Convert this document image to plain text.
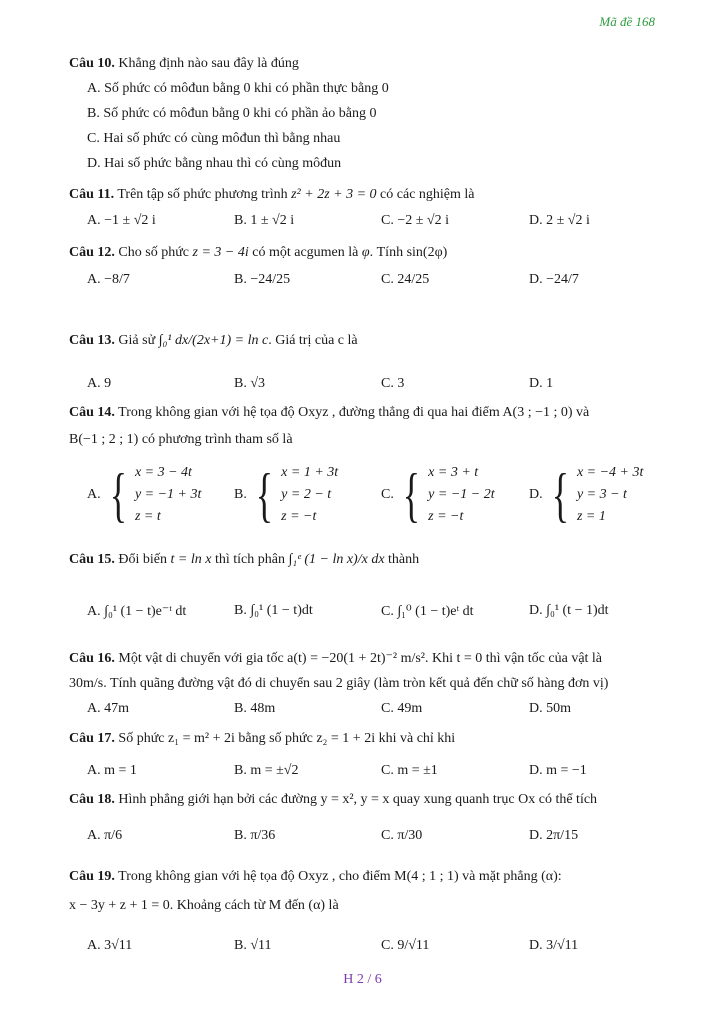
Mã đề 168
Câu 10. Khẳng định nào sau đây là đúng
A. Số phức có môđun bằng 0 khi có phần thực bằng 0
B. Số phức có môđun bằng 0 khi có phần ảo bằng 0
C. Hai số phức có cùng môđun thì bằng nhau
D. Hai số phức bằng nhau thì có cùng môđun
Câu 11. Trên tập số phức phương trình z² + 2z + 3 = 0 có các nghiệm là
A. −1 ± √2 i	B. 1 ± √2 i	C. −2 ± √2 i	D. 2 ± √2 i
Câu 12. Cho số phức z = 3 − 4i có một acgumen là φ. Tính sin(2φ)
A. −8/7	B. −24/25	C. 24/25	D. −24/7
Câu 13. Giả sử ∫₀¹ dx/(2x+1) = ln c. Giá trị của c là
A. 9	B. √3	C. 3	D. 1
Câu 14. Trong không gian với hệ tọa độ Oxyz , đường thẳng đi qua hai điểm A(3 ; −1 ; 0) và
B(−1 ; 2 ; 1) có phương trình tham số là
A. { x = 3 − 4t
y = −1 + 3t
z = t
B. { x = 1 + 3t
y = 2 − t
z = −t
C. { x = 3 + t
y = −1 − 2t
z = −t
D. { x = −4 + 3t
y = 3 − t
z = 1
Câu 15. Đổi biến t = ln x thì tích phân ∫₁ᵉ (1 − ln x)/x dx thành
A. ∫₀¹ (1 − t)e⁻ᵗ dt	B. ∫₀¹ (1 − t)dt	C. ∫₁⁰ (1 − t)eᵗ dt	D. ∫₀¹ (t − 1)dt
Câu 16. Một vật di chuyển với gia tốc a(t) = −20(1 + 2t)⁻² m/s². Khi t = 0 thì vận tốc của vật là
30m/s. Tính quãng đường vật đó di chuyển sau 2 giây (làm tròn kết quả đến chữ số hàng đơn vị)
A. 47m	B. 48m	C. 49m	D. 50m
Câu 17. Số phức z₁ = m² + 2i bằng số phức z₂ = 1 + 2i khi và chỉ khi
A. m = 1	B. m = ±√2	C. m = ±1	D. m = −1
Câu 18. Hình phẳng giới hạn bởi các đường y = x², y = x quay xung quanh trục Ox có thể tích
A. π/6	B. π/36	C. π/30	D. 2π/15
Câu 19. Trong không gian với hệ tọa độ Oxyz , cho điểm M(4 ; 1 ; 1) và mặt phẳng (α):
x − 3y + z + 1 = 0. Khoảng cách từ M đến (α) là
A. 3√11	B. √11	C. 9/√11	D. 3/√11
H 2 / 6
